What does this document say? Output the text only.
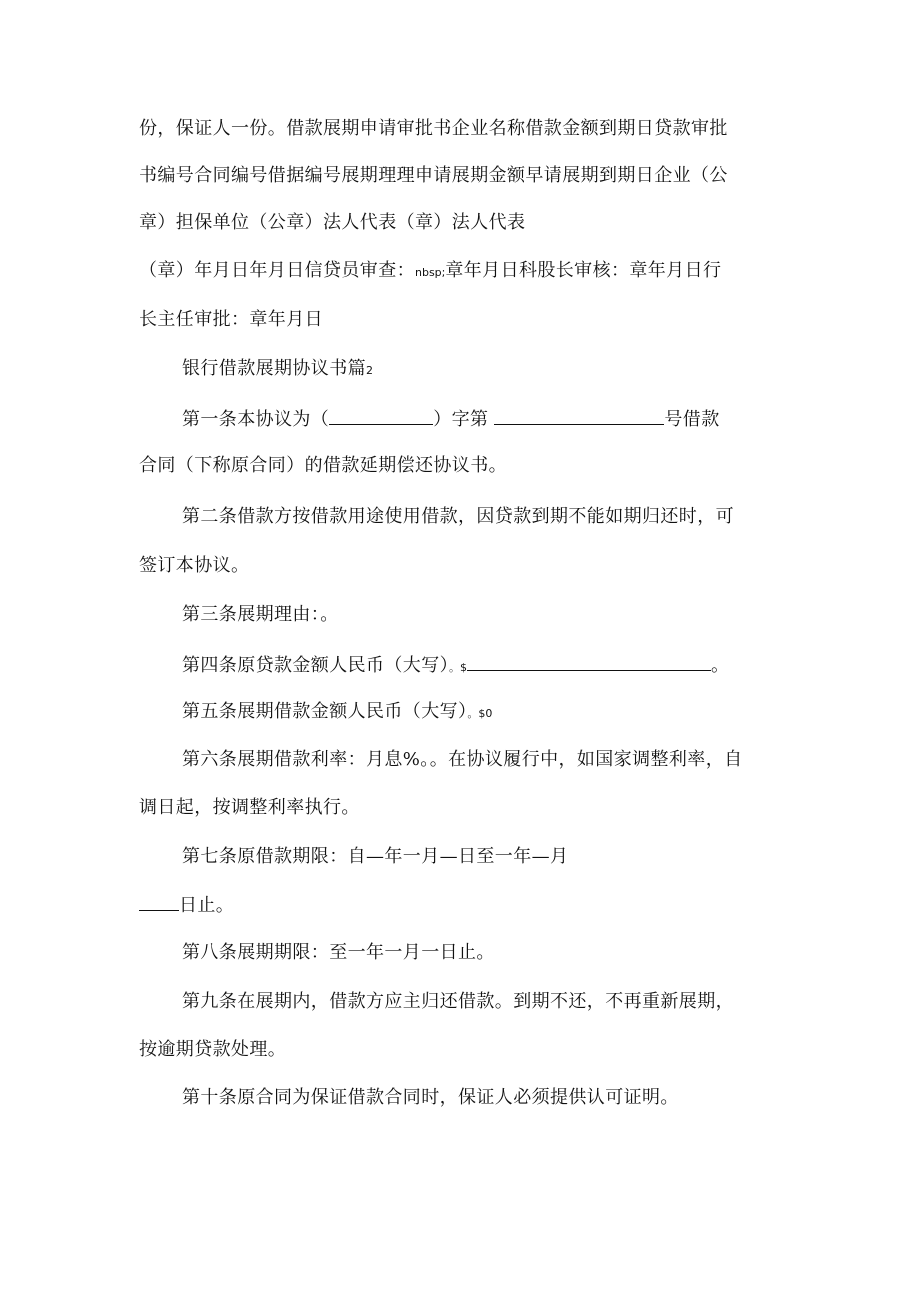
份，保证人一份。借款展期申请审批书企业名称借款金额到期日贷款审批
书编号合同编号借据编号展期理理申请展期金额早请展期到期日企业（公
章）担保单位（公章）法人代表（章）法人代表
（章）年月日年月日信贷员审查：nbsp;章年月日科股长审核：章年月日行
长主任审批：章年月日
银行借款展期协议书篇2
第一条本协议为（	）字第	号借款
合同（下称原合同）的借款延期偿还协议书。
第二条借款方按借款用途使用借款，因贷款到期不能如期归还时，可
签订本协议。
第三条展期理由：。
第四条原贷款金额人民币（大写）。$	。
第五条展期借款金额人民币（大写）。$0
第六条展期借款利率：月息%。。在协议履行中，如国家调整利率，自
调日起，按调整利率执行。
第七条原借款期限：自—年一月—日至一年—月
日止。
第八条展期期限：至一年一月一日止。
第九条在展期内，借款方应主归还借款。到期不还，不再重新展期，
按逾期贷款处理。
第十条原合同为保证借款合同时，保证人必须提供认可证明。
